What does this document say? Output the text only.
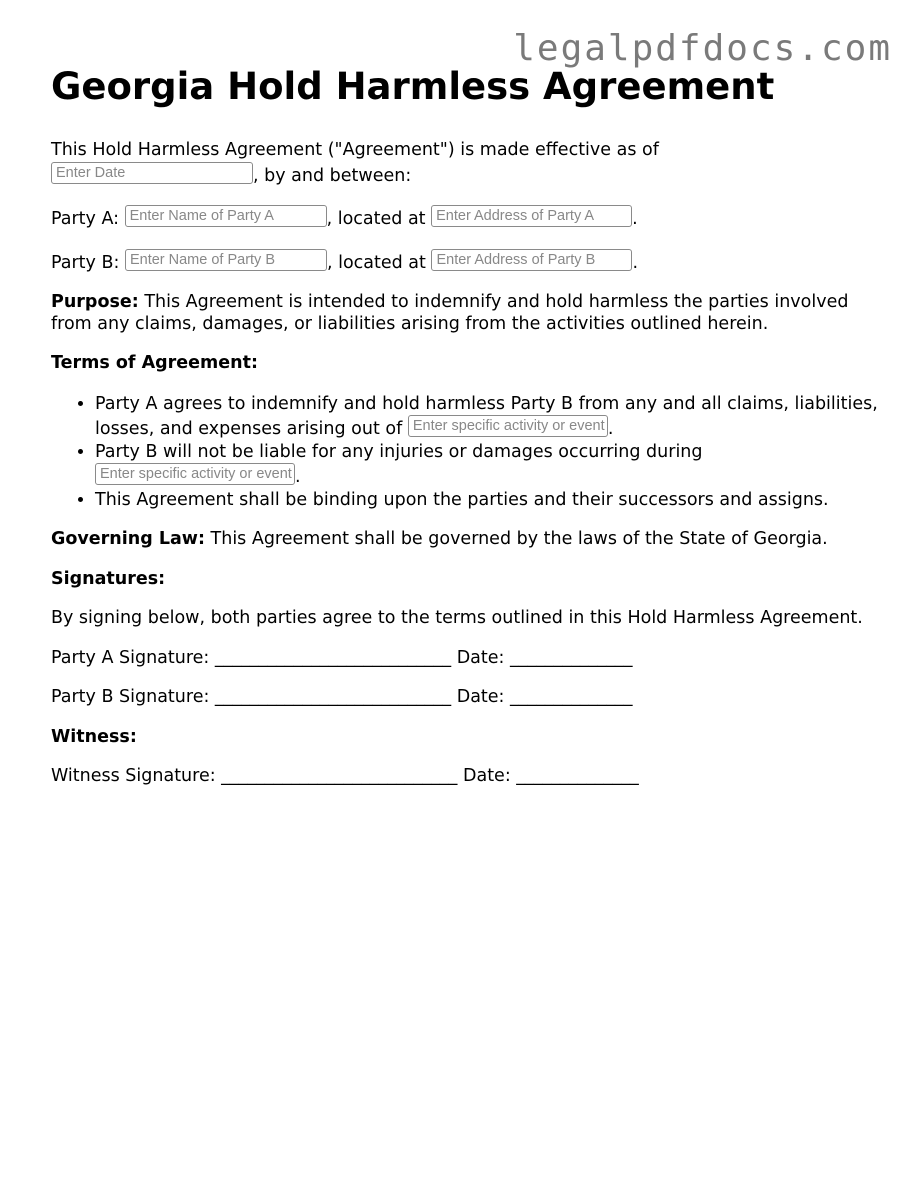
legalpdfdocs.com
Georgia Hold Harmless Agreement

This Hold Harmless Agreement ("Agreement") is made effective as of
Enter Date	, by and between:

Party A: Enter Name of Party A	, located at Enter Address of Party A .

Party B: Enter Name of Party B	, located at Enter Address of Party B .

Purpose: This Agreement is intended to indemnify and hold harmless the parties involved from any claims, damages, or liabilities arising from the activities outlined herein.

Terms of Agreement:
• Party A agrees to indemnify and hold harmless Party B from any and all claims, liabilities, losses, and expenses arising out of Enter specific activity or event .
• Party B will not be liable for any injuries or damages occurring during
Enter specific activity or event .
• This Agreement shall be binding upon the parties and their successors and assigns.

Governing Law: This Agreement shall be governed by the laws of the State of Georgia.

Signatures:

By signing below, both parties agree to the terms outlined in this Hold Harmless Agreement.

Party A Signature: ___________________________ Date: ______________

Party B Signature: ___________________________ Date: ______________

Witness:

Witness Signature: ___________________________ Date: ______________
